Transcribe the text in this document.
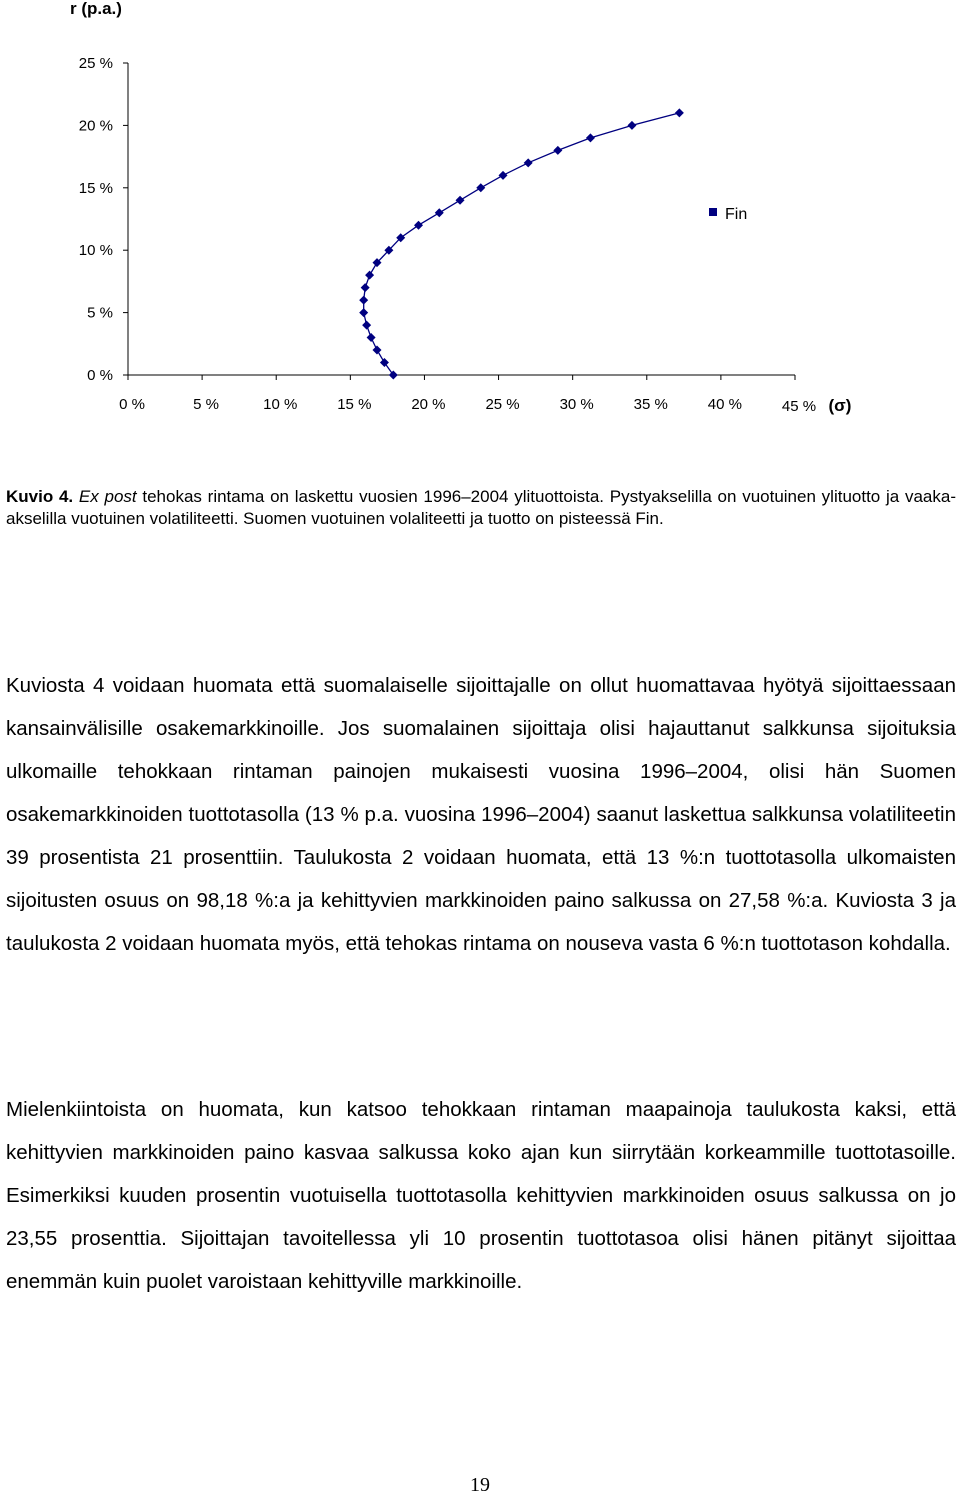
r (p.a.)
0 %
5 %
10 %
15 %
20 %
25 %
0 %	5 %	10 %	15 %	20 %	25 %	30 %	35 %	40 %	45 %
Fin
(σ)
Kuvio 4. Ex post tehokas rintama on laskettu vuosien 1996–2004 ylituottoista. Pystyakselilla on vuotuinen ylituotto ja vaaka-akselilla vuotuinen volatiliteetti. Suomen vuotuinen volaliteetti ja tuotto on pisteessä Fin.

Kuviosta 4 voidaan huomata että suomalaiselle sijoittajalle on ollut huomattavaa hyötyä sijoittaessaan kansainvälisille osakemarkkinoille. Jos suomalainen sijoittaja olisi hajauttanut salkkunsa sijoituksia ulkomaille tehokkaan rintaman painojen mukaisesti vuosina 1996–2004, olisi hän Suomen osakemarkkinoiden tuottotasolla (13 % p.a. vuosina 1996–2004) saanut laskettua salkkunsa volatiliteetin 39 prosentista 21 prosenttiin. Taulukosta 2 voidaan huomata, että 13 %:n tuottotasolla ulkomaisten sijoitusten osuus on 98,18 %:a ja kehittyvien markkinoiden paino salkussa on 27,58 %:a. Kuviosta 3 ja taulukosta 2 voidaan huomata myös, että tehokas rintama on nouseva vasta 6 %:n tuottotason kohdalla.

Mielenkiintoista on huomata, kun katsoo tehokkaan rintaman maapainoja taulukosta kaksi, että kehittyvien markkinoiden paino kasvaa salkussa koko ajan kun siirrytään korkeammille tuottotasoille. Esimerkiksi kuuden prosentin vuotuisella tuottotasolla kehittyvien markkinoiden osuus salkussa on jo 23,55 prosenttia. Sijoittajan tavoitellessa yli 10 prosentin tuottotasoa olisi hänen pitänyt sijoittaa enemmän kuin puolet varoistaan kehittyville markkinoille.

19
